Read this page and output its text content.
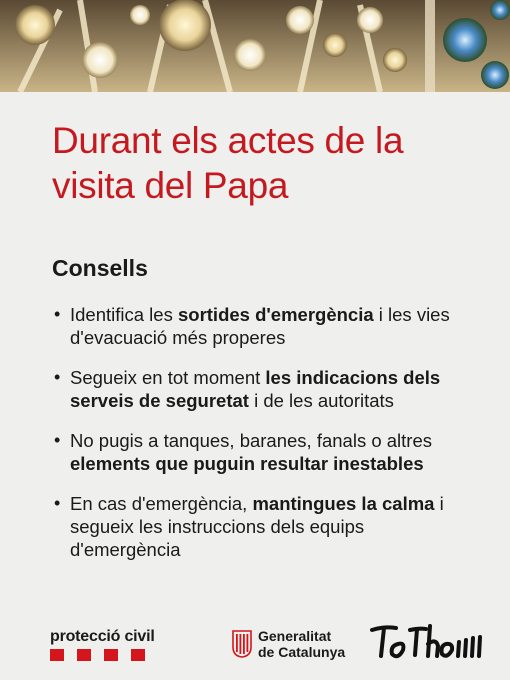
Durant els actes de la visita del Papa
Consells
• Identifica les sortides d'emergència i les vies d'evacuació més properes
• Segueix en tot moment les indicacions dels serveis de seguretat i de les autoritats
• No pugis a tanques, baranes, fanals o altres elements que puguin resultar inestables
• En cas d'emergència, mantingues la calma i segueix les instruccions dels equips d'emergència
protecció civil	Generalitat
de Catalunya
